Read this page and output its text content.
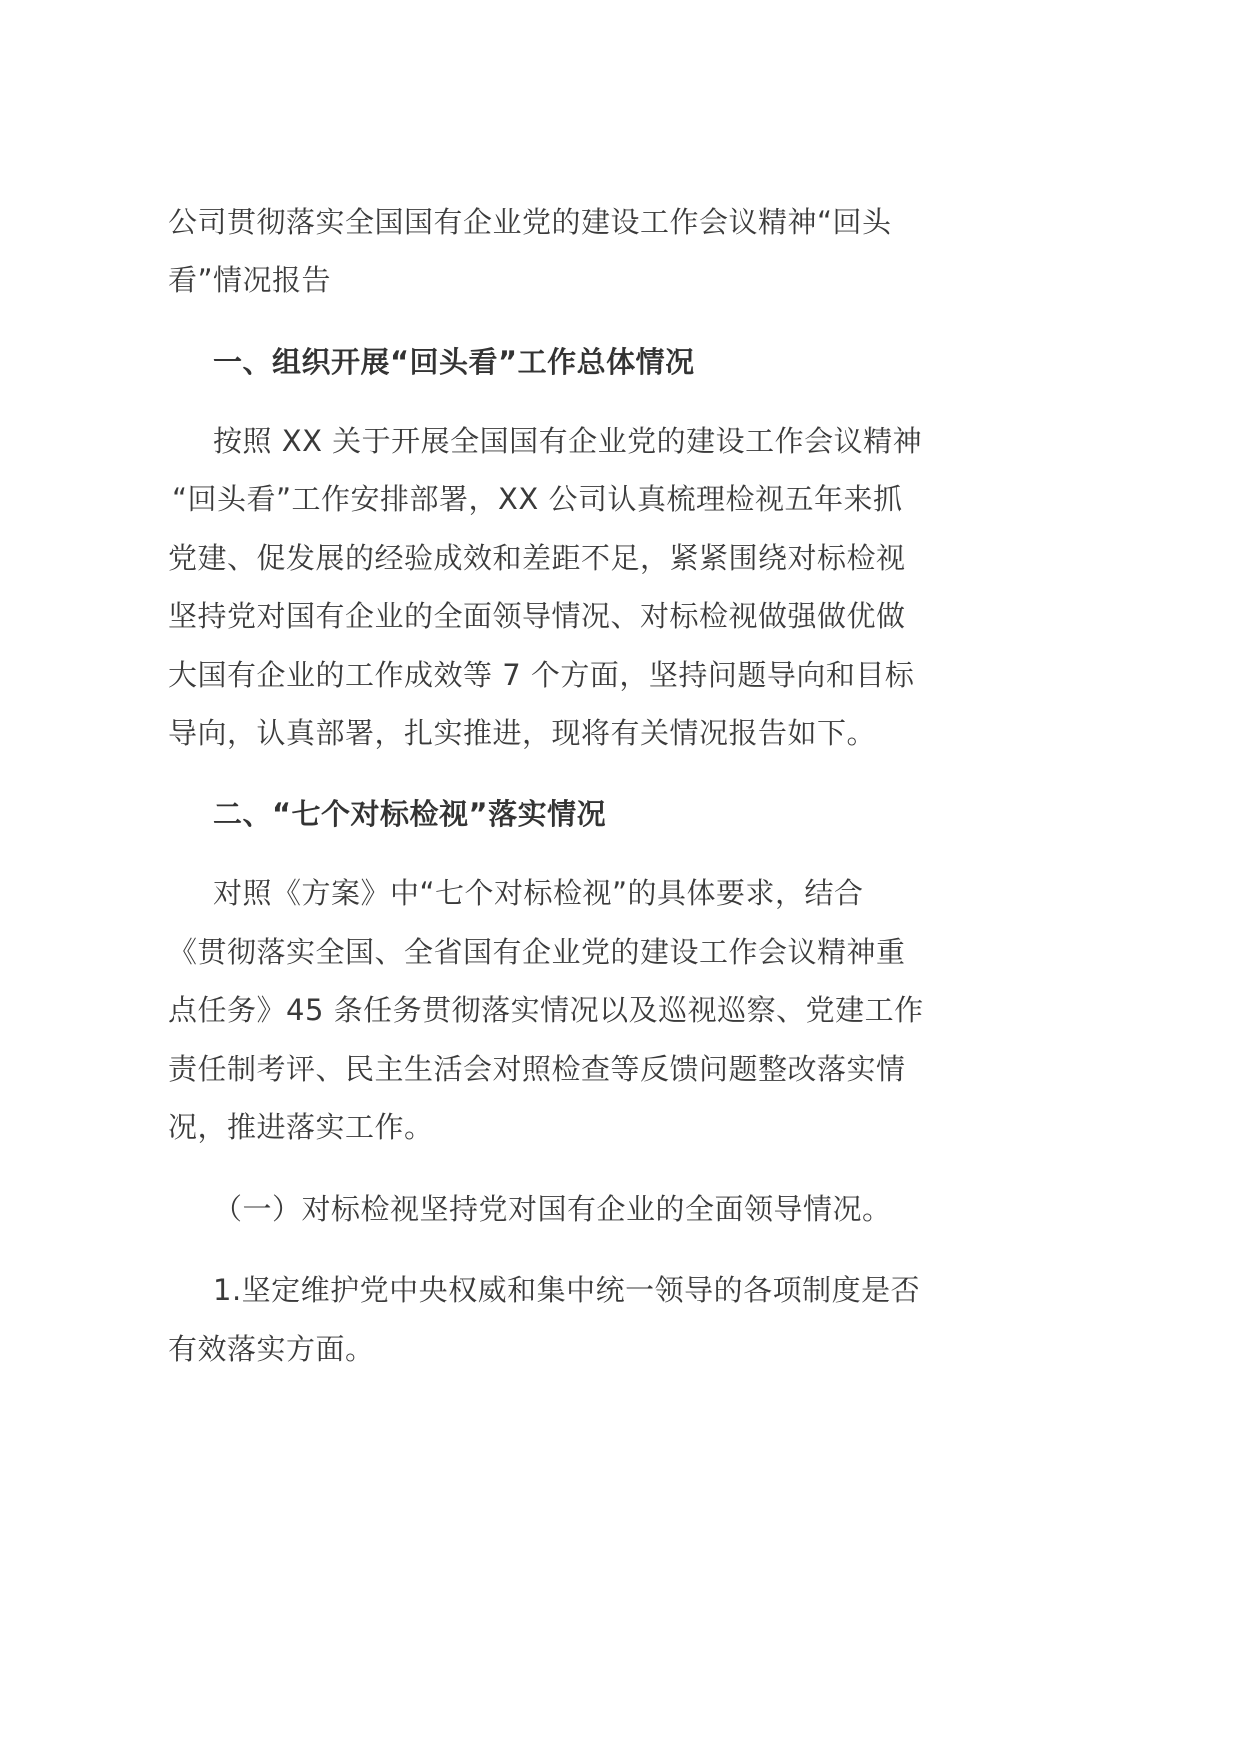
公司贯彻落实全国国有企业党的建设工作会议精神“回头
看”情况报告
一、组织开展“回头看”工作总体情况
按照 XX 关于开展全国国有企业党的建设工作会议精神
“回头看”工作安排部署，XX 公司认真梳理检视五年来抓
党建、促发展的经验成效和差距不足，紧紧围绕对标检视
坚持党对国有企业的全面领导情况、对标检视做强做优做
大国有企业的工作成效等 7 个方面，坚持问题导向和目标
导向，认真部署，扎实推进，现将有关情况报告如下。
二、“七个对标检视”落实情况
对照《方案》中“七个对标检视”的具体要求，结合
《贯彻落实全国、全省国有企业党的建设工作会议精神重
点任务》45 条任务贯彻落实情况以及巡视巡察、党建工作
责任制考评、民主生活会对照检查等反馈问题整改落实情
况，推进落实工作。
（一）对标检视坚持党对国有企业的全面领导情况。
1.坚定维护党中央权威和集中统一领导的各项制度是否
有效落实方面。
